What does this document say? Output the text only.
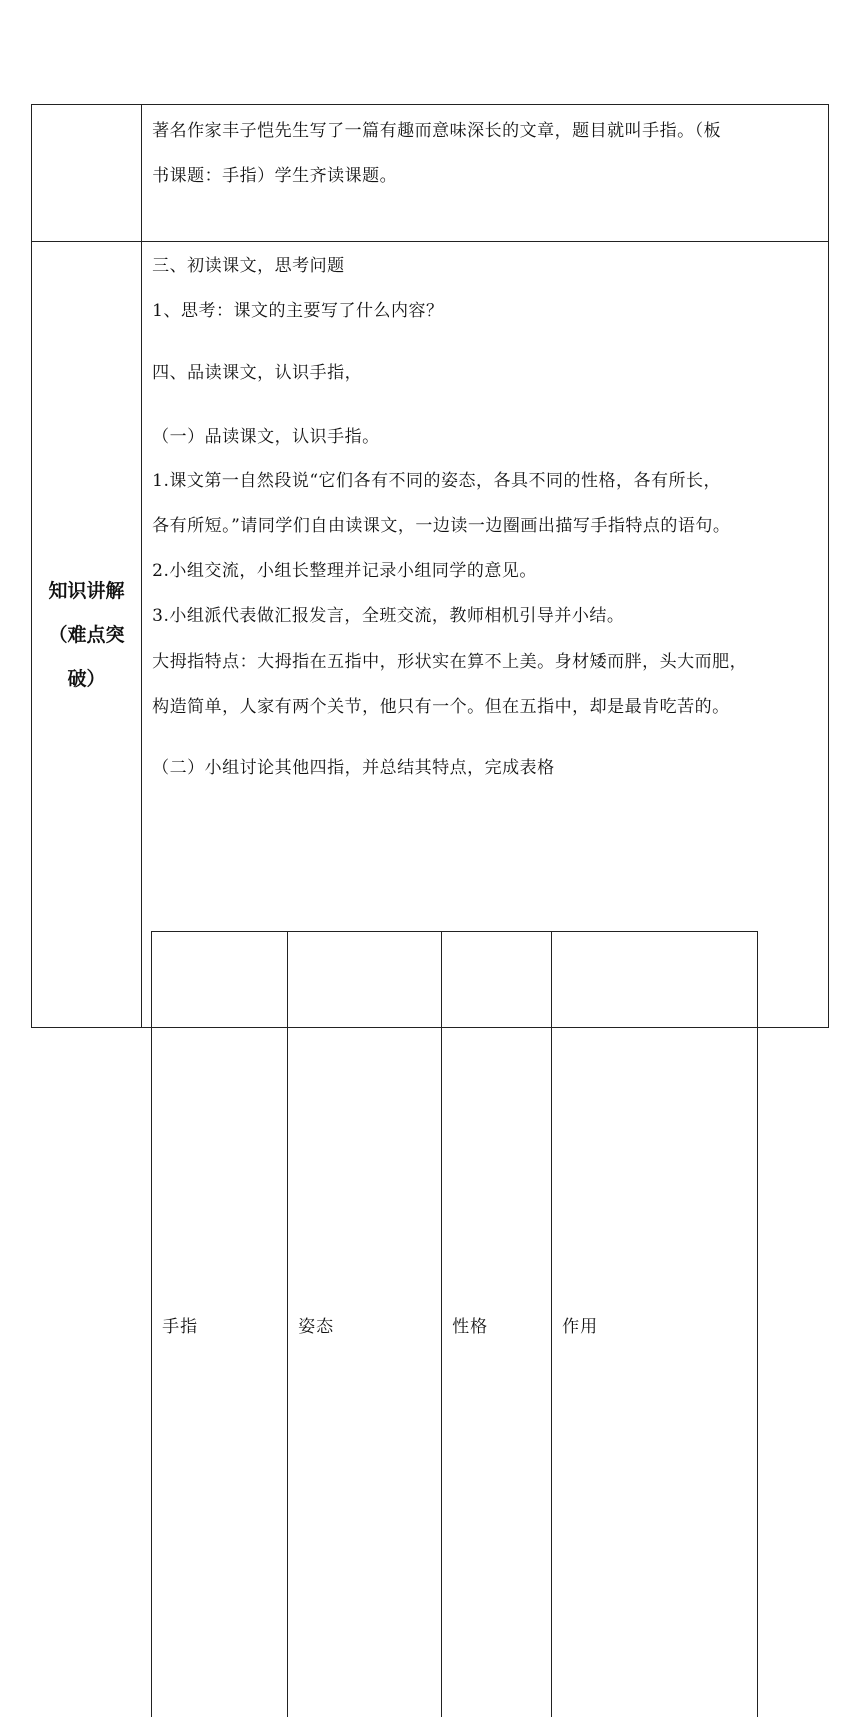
著名作家丰子恺先生写了一篇有趣而意味深长的文章，题目就叫手指。（板

书课题：手指）学生齐读课题。

知识讲解
（难点突
破）

三、初读课文，思考问题

1、思考：课文的主要写了什么内容？

四、品读课文，认识手指，

（一）品读课文，认识手指。

1.课文第一自然段说“它们各有不同的姿态，各具不同的性格，各有所长，

各有所短。”请同学们自由读课文，一边读一边圈画出描写手指特点的语句。

2.小组交流，小组长整理并记录小组同学的意见。

3.小组派代表做汇报发言，全班交流，教师相机引导并小结。

大拇指特点：大拇指在五指中，形状实在算不上美。身材矮而胖，头大而肥，

构造简单，人家有两个关节，他只有一个。但在五指中，却是最肯吃苦的。

（二）小组讨论其他四指，并总结其特点，完成表格

手指	姿态	性格	作用
